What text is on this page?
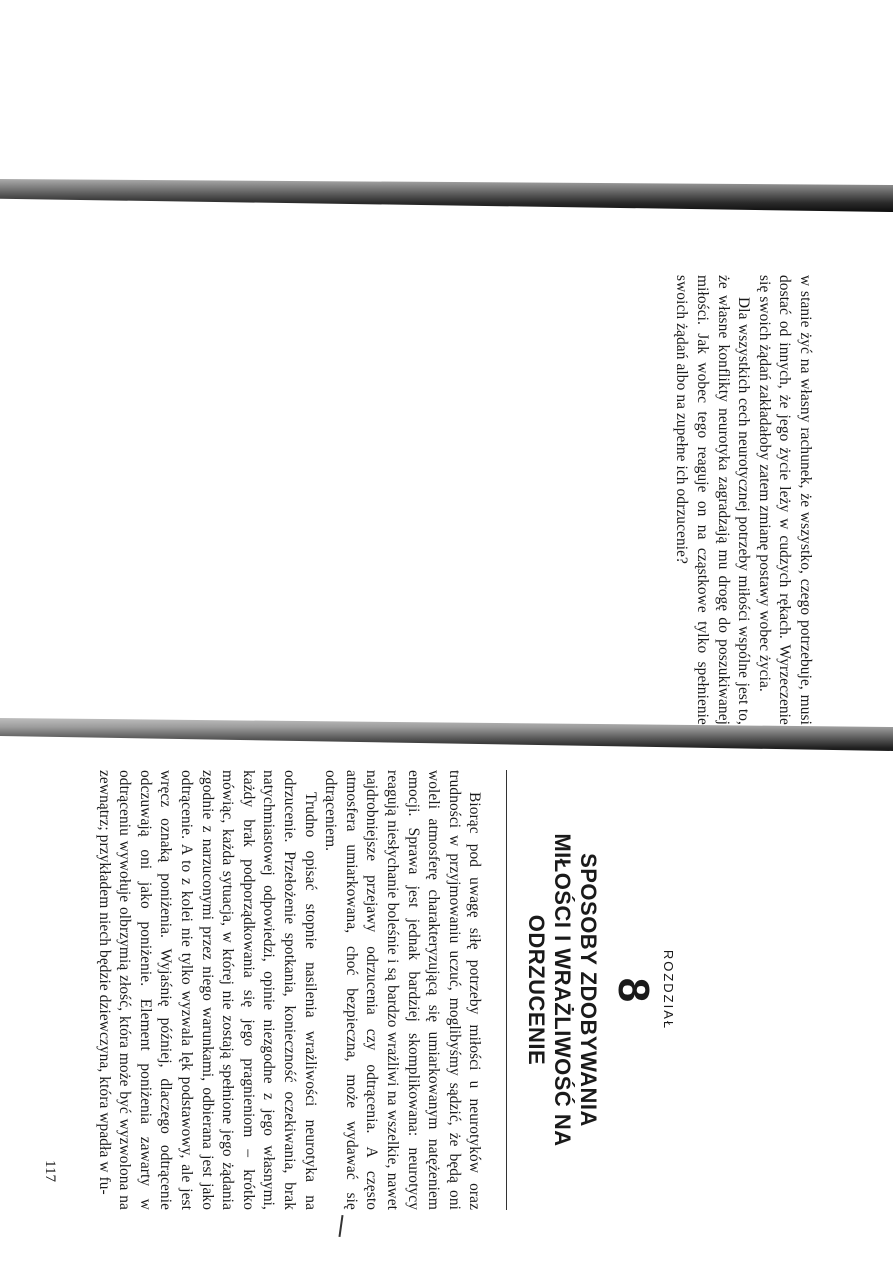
w stanie żyć na własny rachunek, że wszystko, czego potrzebuje, musi dostać od innych, że jego życie leży w cudzych rękach. Wyrzeczenie się swoich żądań zakładałoby zatem zmianę postawy wobec życia.

Dla wszystkich cech neurotycznej potrzeby miłości wspólne jest to, że własne konflikty neurotyka zagradzają mu drogę do poszukiwanej miłości. Jak wobec tego reaguje on na cząstkowe tylko spełnienie swoich żądań albo na zupełne ich odrzucenie?

ROZDZIAŁ
8
SPOSOBY ZDOBYWANIA MIŁOŚCI I WRAŻLIWOŚĆ NA ODRZUCENIE

Biorąc pod uwagę siłę potrzeby miłości u neurotyków oraz trudności w przyjmowaniu uczuć, moglibyśmy sądzić, że będą oni woleli atmosferę charakteryzującą się umiarkowanym natężeniem emocji. Sprawa jest jednak bardziej skomplikowana: neurotycy reagują niesłychanie boleśnie i są bardzo wrażliwi na wszelkie, nawet najdrobniejsze przejawy odrzucenia czy odtrącenia. A często atmosfera umiarkowana, choć bezpieczna, może wydawać się odtrąceniem.

Trudno opisać stopnie nasilenia wrażliwości neurotyka na odrzucenie. Przełożenie spotkania, konieczność oczekiwania, brak natychmiastowej odpowiedzi, opinie niezgodne z jego własnymi, każdy brak podporządkowania się jego pragnieniom – krótko mówiąc, każda sytuacja, w której nie zostają spełnione jego żądania zgodnie z narzuconymi przez niego warunkami, odbierana jest jako odtrącenie. A to z kolei nie tylko wyzwala lęk podstawowy, ale jest wręcz oznaką poniżenia. Wyjaśnię później, dlaczego odtrącenie odczuwają oni jako poniżenie. Element poniżenia zawarty w odtrąceniu wywołuje olbrzymią złość, która może być wyzwolona na zewnątrz; przykładem niech będzie dziewczyna, która wpadła w fu-

117
